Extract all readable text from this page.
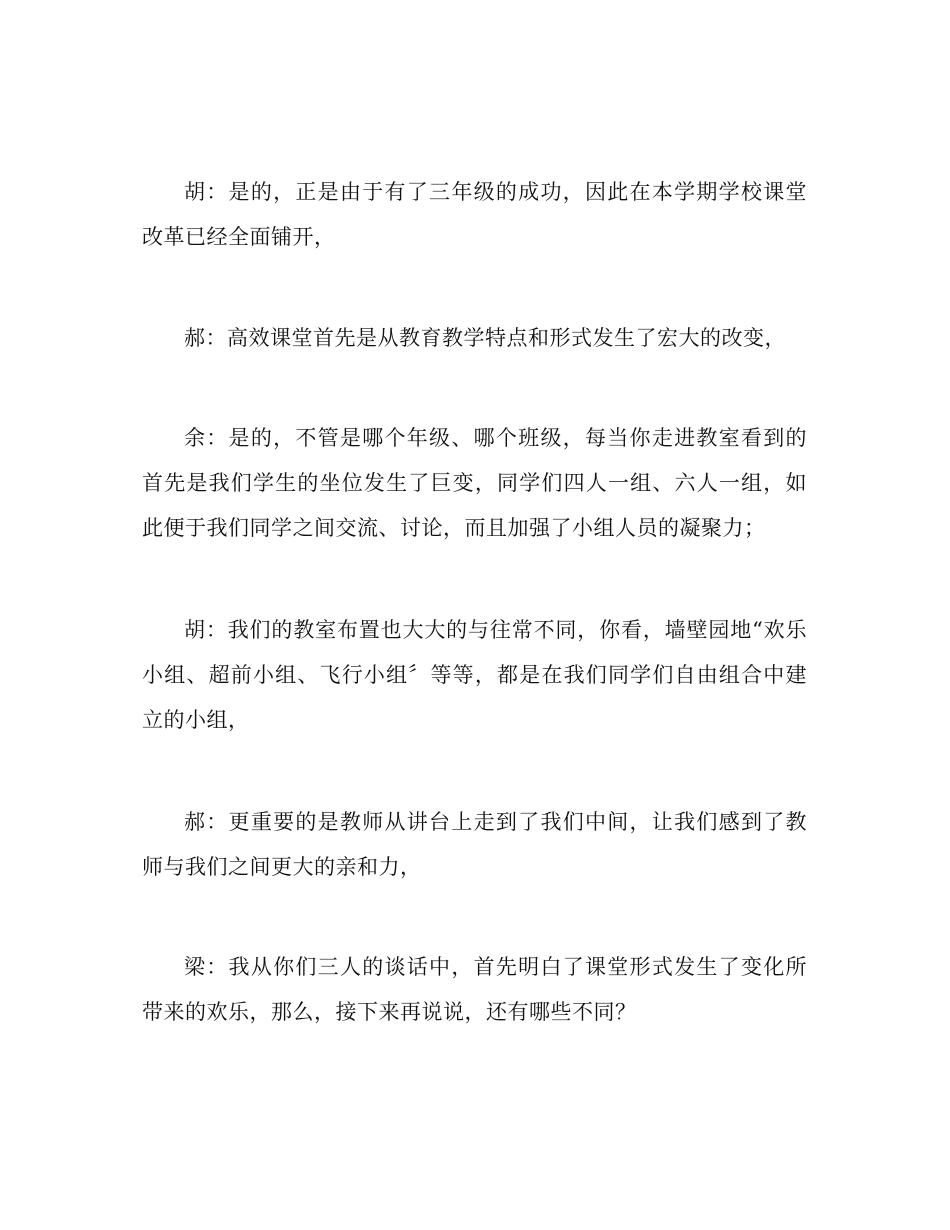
胡：是的，正是由于有了三年级的成功，因此在本学期学校课堂改革已经全面铺开，

郝：高效课堂首先是从教育教学特点和形式发生了宏大的改变，

余：是的，不管是哪个年级、哪个班级，每当你走进教室看到的首先是我们学生的坐位发生了巨变，同学们四人一组、六人一组，如此便于我们同学之间交流、讨论，而且加强了小组人员的凝聚力；

胡：我们的教室布置也大大的与往常不同，你看，墙壁园地“欢乐小组、超前小组、飞行小组〞等等，都是在我们同学们自由组合中建立的小组，

郝：更重要的是教师从讲台上走到了我们中间，让我们感到了教师与我们之间更大的亲和力，

梁：我从你们三人的谈话中，首先明白了课堂形式发生了变化所带来的欢乐，那么，接下来再说说，还有哪些不同？
